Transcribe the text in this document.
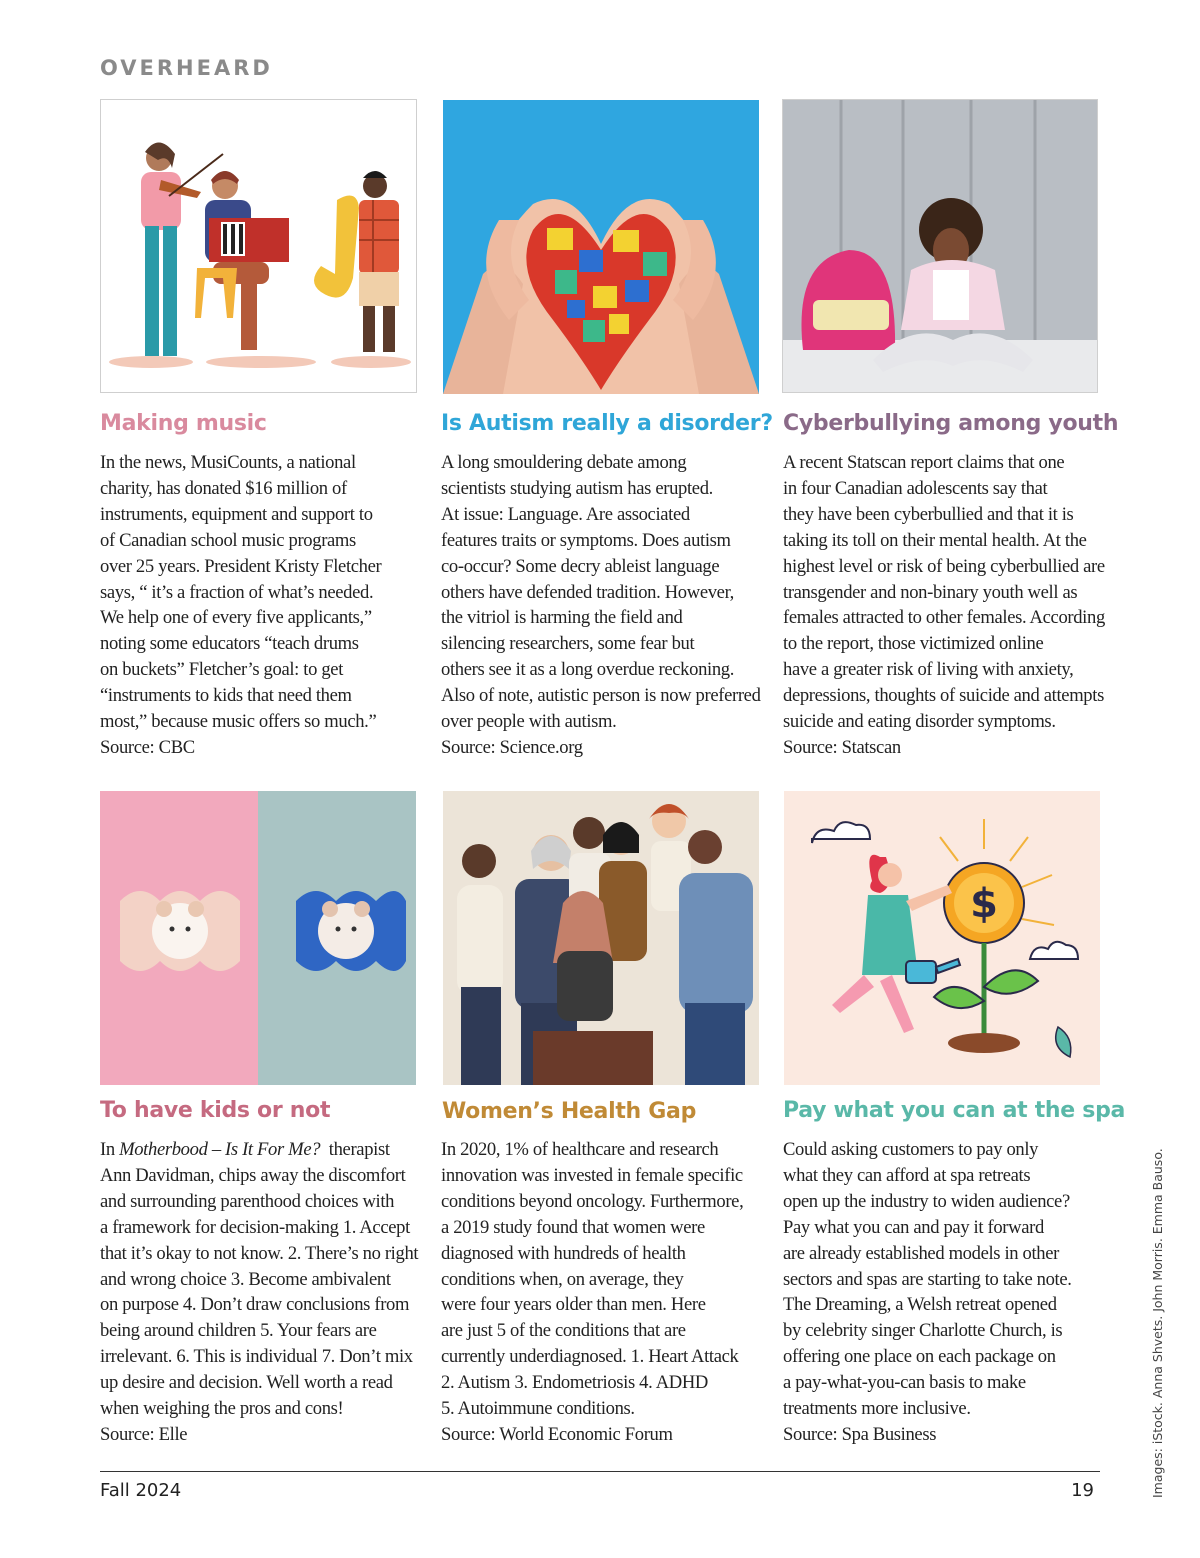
OVERHEARD
Making music

In the news, MusiCounts, a national

charity, has donated $16 million of

instruments, equipment and support to

of Canadian school music programs

over 25 years. President Kristy Fletcher

says, “ it’s a fraction of what’s needed.

We help one of every five applicants,”

noting some educators “teach drums

on buckets” Fletcher’s goal: to get

“instruments to kids that need them

most,” because music offers so much.”

Source: CBC

Is Autism really a disorder?

A long smouldering debate among

scientists studying autism has erupted.

At issue: Language. Are associated

features traits or symptoms. Does autism

co-occur? Some decry ableist language

others have defended tradition. However,

the vitriol is harming the field and

silencing researchers, some fear but

others see it as a long overdue reckoning.

Also of note, autistic person is now preferred

over people with autism.

Source: Science.org

Cyberbullying among youth

A recent Statscan report claims that one

in four Canadian adolescents say that

they have been cyberbullied and that it is

taking its toll on their mental health. At the

highest level or risk of being cyberbullied are

transgender and non-binary youth well as

females attracted to other females. According

to the report, those victimized online

have a greater risk of living with anxiety,

depressions, thoughts of suicide and attempts

suicide and eating disorder symptoms.

Source: Statscan

To have kids or not

In Motherbood – Is It For Me?  therapist

Ann Davidman, chips away the discomfort

and surrounding parenthood choices with

a framework for decision-making 1. Accept

that it’s okay to not know. 2. There’s no right

and wrong choice 3. Become ambivalent

on purpose 4. Don’t draw conclusions from

being around children 5. Your fears are

irrelevant. 6. This is individual 7. Don’t mix

up desire and decision. Well worth a read

when weighing the pros and cons!

Source: Elle

Women’s Health Gap

In 2020, 1% of healthcare and research

innovation was invested in female specific

conditions beyond oncology. Furthermore,

a 2019 study found that women were

diagnosed with hundreds of health

conditions when, on average, they

were four years older than men. Here

are just 5 of the conditions that are

currently underdiagnosed. 1. Heart Attack

2. Autism 3. Endometriosis 4. ADHD

5. Autoimmune conditions.

Source: World Economic Forum

$
Pay what you can at the spa

Could asking customers to pay only

what they can afford at spa retreats

open up the industry to widen audience?

Pay what you can and pay it forward

are already established models in other

sectors and spas are starting to take note.

The Dreaming, a Welsh retreat opened

by celebrity singer Charlotte Church, is

offering one place on each package on

a pay-what-you-can basis to make

treatments more inclusive.

Source: Spa Business

Fall 2024	19	Images: iStock. Anna Shvets. John Morris. Emma Bauso.
